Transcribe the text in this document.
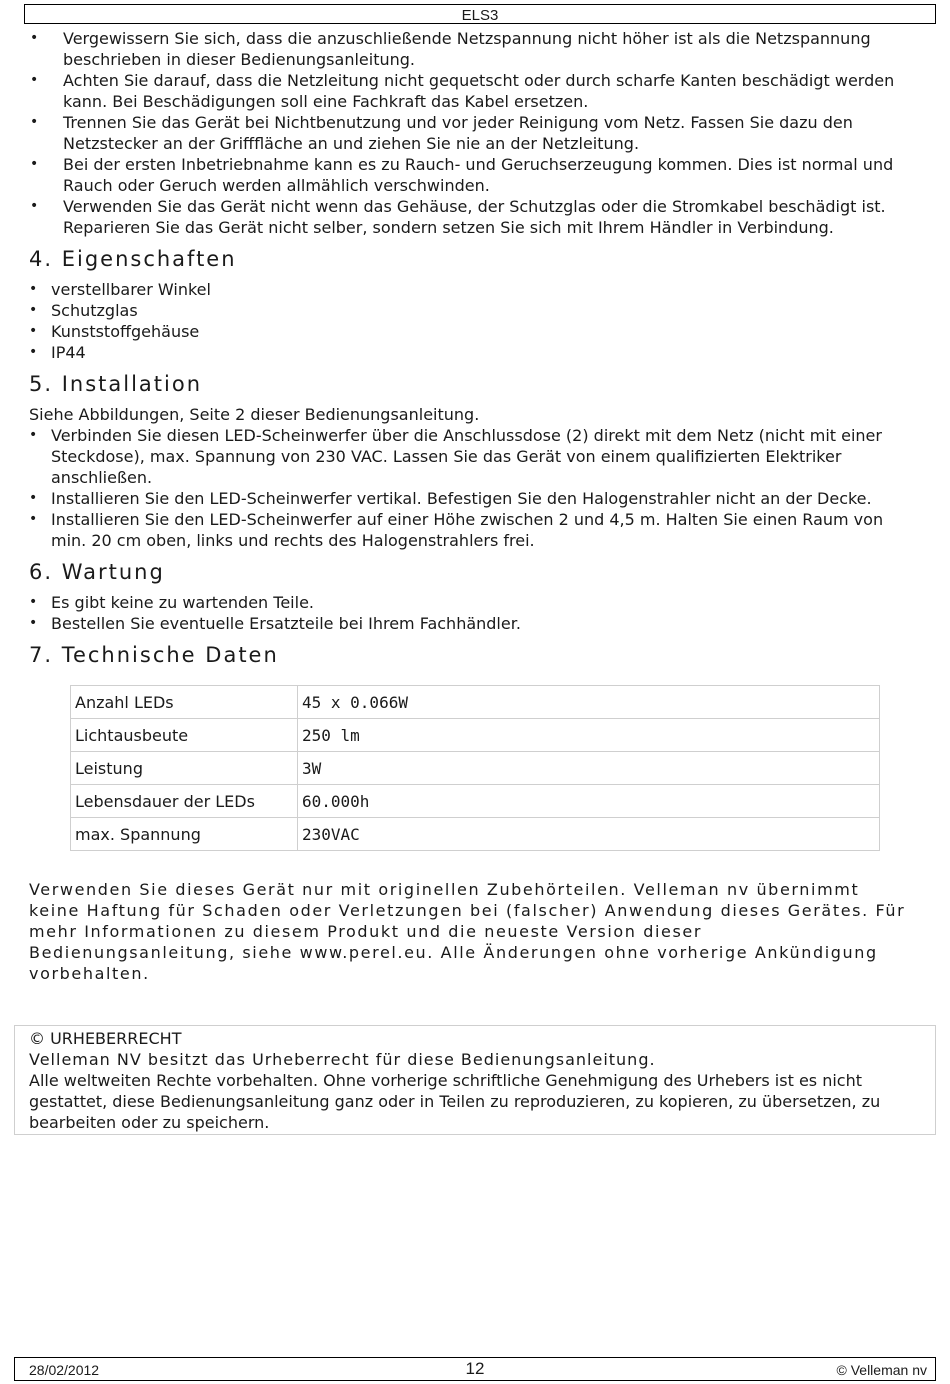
ELS3
• Vergewissern Sie sich, dass die anzuschließende Netzspannung nicht höher ist als die Netzspannung beschrieben in dieser Bedienungsanleitung.
• Achten Sie darauf, dass die Netzleitung nicht gequetscht oder durch scharfe Kanten beschädigt werden kann. Bei Beschädigungen soll eine Fachkraft das Kabel ersetzen.
• Trennen Sie das Gerät bei Nichtbenutzung und vor jeder Reinigung vom Netz. Fassen Sie dazu den Netzstecker an der Grifffläche an und ziehen Sie nie an der Netzleitung.
• Bei der ersten Inbetriebnahme kann es zu Rauch- und Geruchserzeugung kommen. Dies ist normal und Rauch oder Geruch werden allmählich verschwinden.
• Verwenden Sie das Gerät nicht wenn das Gehäuse, der Schutzglas oder die Stromkabel beschädigt ist. Reparieren Sie das Gerät nicht selber, sondern setzen Sie sich mit Ihrem Händler in Verbindung.
4. Eigenschaften
• verstellbarer Winkel
• Schutzglas
• Kunststoffgehäuse
• IP44
5. Installation

Siehe Abbildungen, Seite 2 dieser Bedienungsanleitung.

• Verbinden Sie diesen LED-Scheinwerfer über die Anschlussdose (2) direkt mit dem Netz (nicht mit einer Steckdose), max. Spannung von 230 VAC. Lassen Sie das Gerät von einem qualifizierten Elektriker anschließen.
• Installieren Sie den LED-Scheinwerfer vertikal. Befestigen Sie den Halogenstrahler nicht an der Decke.
• Installieren Sie den LED-Scheinwerfer auf einer Höhe zwischen 2 und 4,5 m. Halten Sie einen Raum von min. 20 cm oben, links und rechts des Halogenstrahlers frei.
6. Wartung
• Es gibt keine zu wartenden Teile.
• Bestellen Sie eventuelle Ersatzteile bei Ihrem Fachhändler.
7. Technische Daten
Anzahl LEDs	45 x 0.066W
Lichtausbeute	250 lm
Leistung	3W
Lebensdauer der LEDs	60.000h
max. Spannung	230VAC

Verwenden Sie dieses Gerät nur mit originellen Zubehörteilen. Velleman nv übernimmt keine Haftung für Schaden oder Verletzungen bei (falscher) Anwendung dieses Gerätes. Für mehr Informationen zu diesem Produkt und die neueste Version dieser Bedienungsanleitung, siehe www.perel.eu. Alle Änderungen ohne vorherige Ankündigung vorbehalten.

© URHEBERRECHT

Velleman NV besitzt das Urheberrecht für diese Bedienungsanleitung.

Alle weltweiten Rechte vorbehalten. Ohne vorherige schriftliche Genehmigung des Urhebers ist es nicht gestattet, diese Bedienungsanleitung ganz oder in Teilen zu reproduzieren, zu kopieren, zu übersetzen, zu bearbeiten oder zu speichern.

28/02/2012	12	© Velleman nv
